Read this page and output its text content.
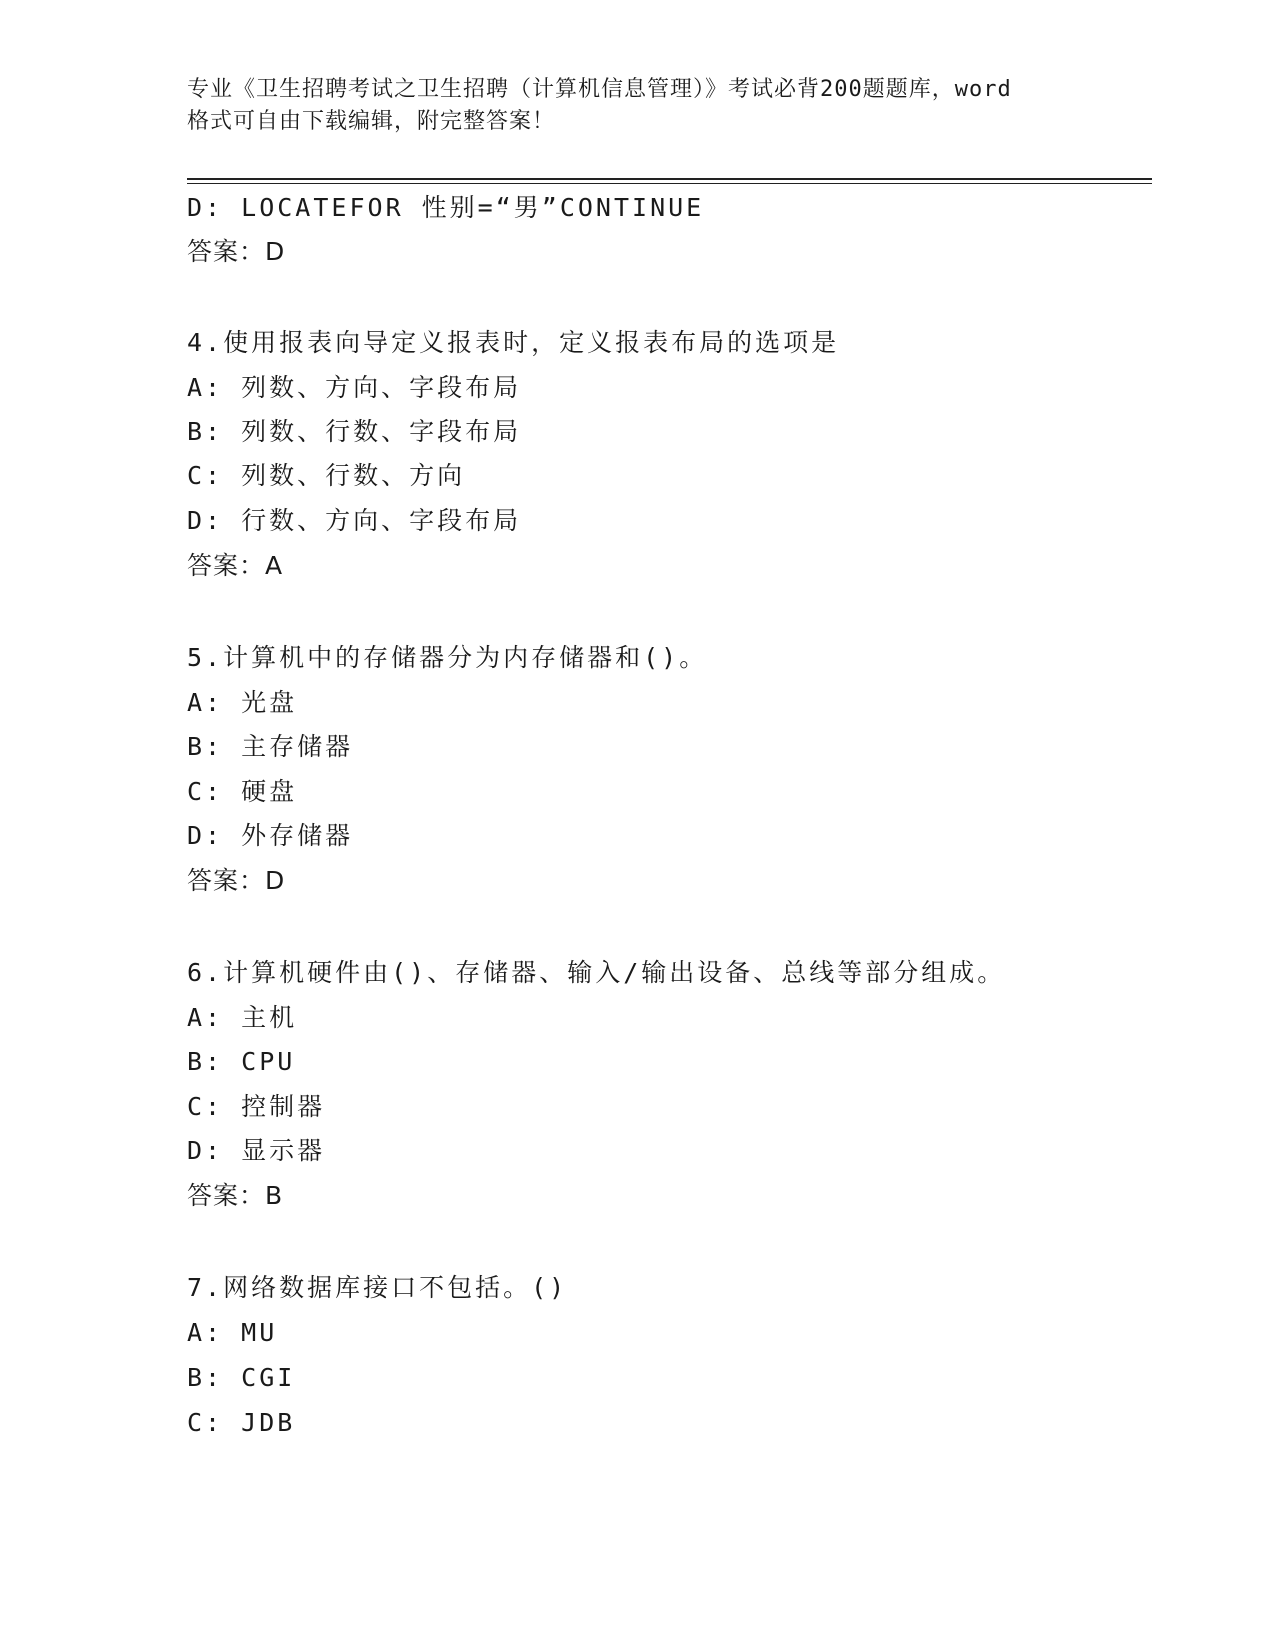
专业《卫生招聘考试之卫生招聘（计算机信息管理）》考试必背200题题库，word
格式可自由下载编辑，附完整答案！
D: LOCATEFOR 性别=“男”CONTINUE
答案：D
4.使用报表向导定义报表时，定义报表布局的选项是
A: 列数、方向、字段布局
B: 列数、行数、字段布局
C: 列数、行数、方向
D: 行数、方向、字段布局
答案：A
5.计算机中的存储器分为内存储器和()。
A: 光盘
B: 主存储器
C: 硬盘
D: 外存储器
答案：D
6.计算机硬件由()、存储器、输入/输出设备、总线等部分组成。
A: 主机
B: CPU
C: 控制器
D: 显示器
答案：B
7.网络数据库接口不包括。()
A: MU
B: CGI
C: JDB
